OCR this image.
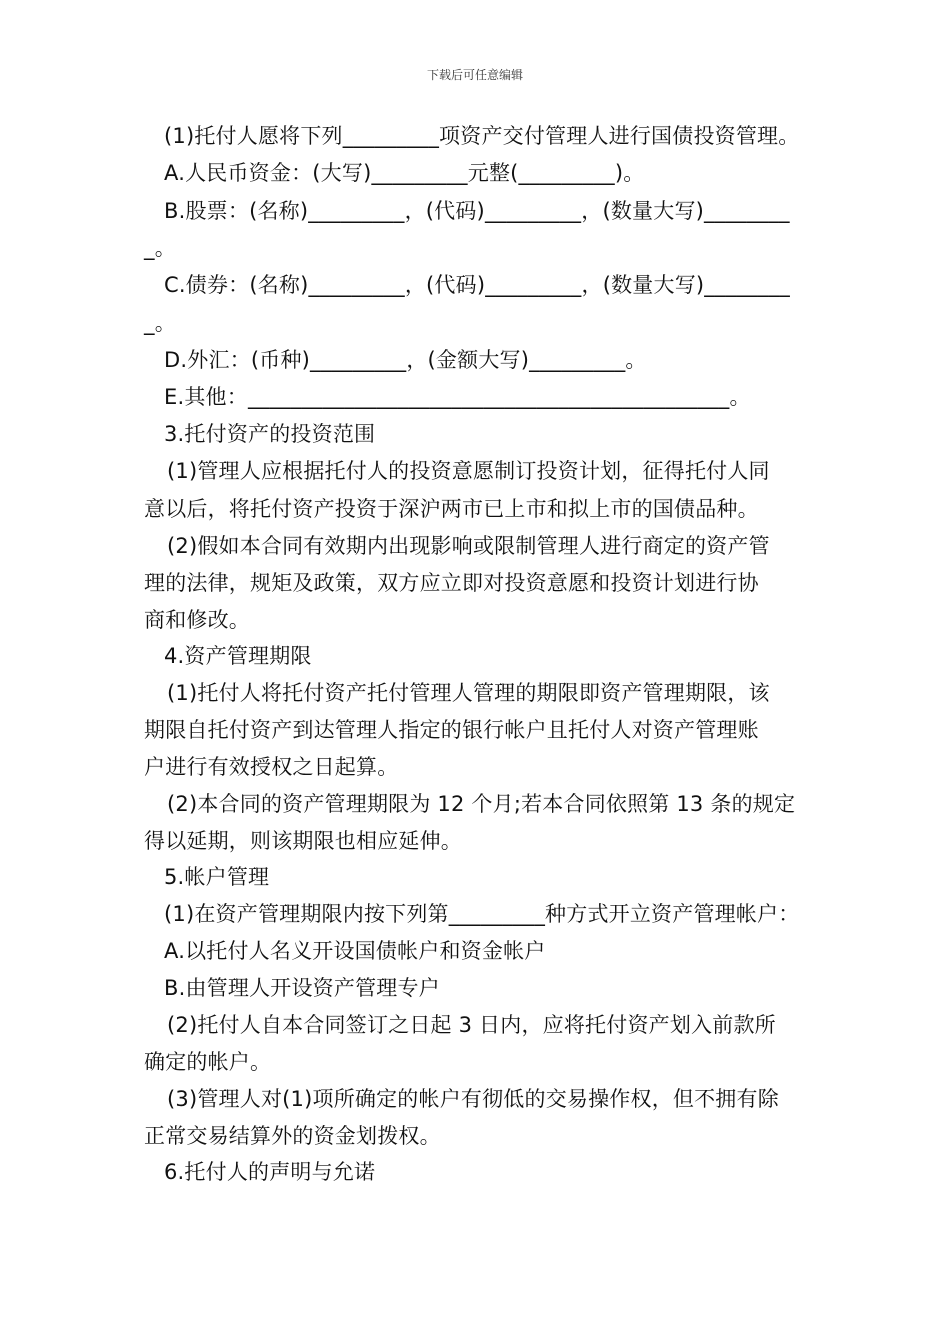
下载后可任意编辑
(1)托付人愿将下列_________项资产交付管理人进行国债投资管理。
A.人民币资金：(大写)_________元整(_________)。
B.股票：(名称)_________，(代码)_________，(数量大写)________
_。
C.债券：(名称)_________，(代码)_________，(数量大写)________
_。
D.外汇：(币种)_________，(金额大写)_________。
E.其他：_____________________________________________。
3.托付资产的投资范围
(1)管理人应根据托付人的投资意愿制订投资计划，征得托付人同
意以后，将托付资产投资于深沪两市已上市和拟上市的国债品种。
(2)假如本合同有效期内出现影响或限制管理人进行商定的资产管
理的法律，规矩及政策，双方应立即对投资意愿和投资计划进行协
商和修改。
4.资产管理期限
(1)托付人将托付资产托付管理人管理的期限即资产管理期限，该
期限自托付资产到达管理人指定的银行帐户且托付人对资产管理账
户进行有效授权之日起算。
(2)本合同的资产管理期限为 12 个月;若本合同依照第 13 条的规定
得以延期，则该期限也相应延伸。
5.帐户管理
(1)在资产管理期限内按下列第_________种方式开立资产管理帐户：
A.以托付人名义开设国债帐户和资金帐户
B.由管理人开设资产管理专户
(2)托付人自本合同签订之日起 3 日内，应将托付资产划入前款所
确定的帐户。
(3)管理人对(1)项所确定的帐户有彻低的交易操作权，但不拥有除
正常交易结算外的资金划拨权。
6.托付人的声明与允诺
